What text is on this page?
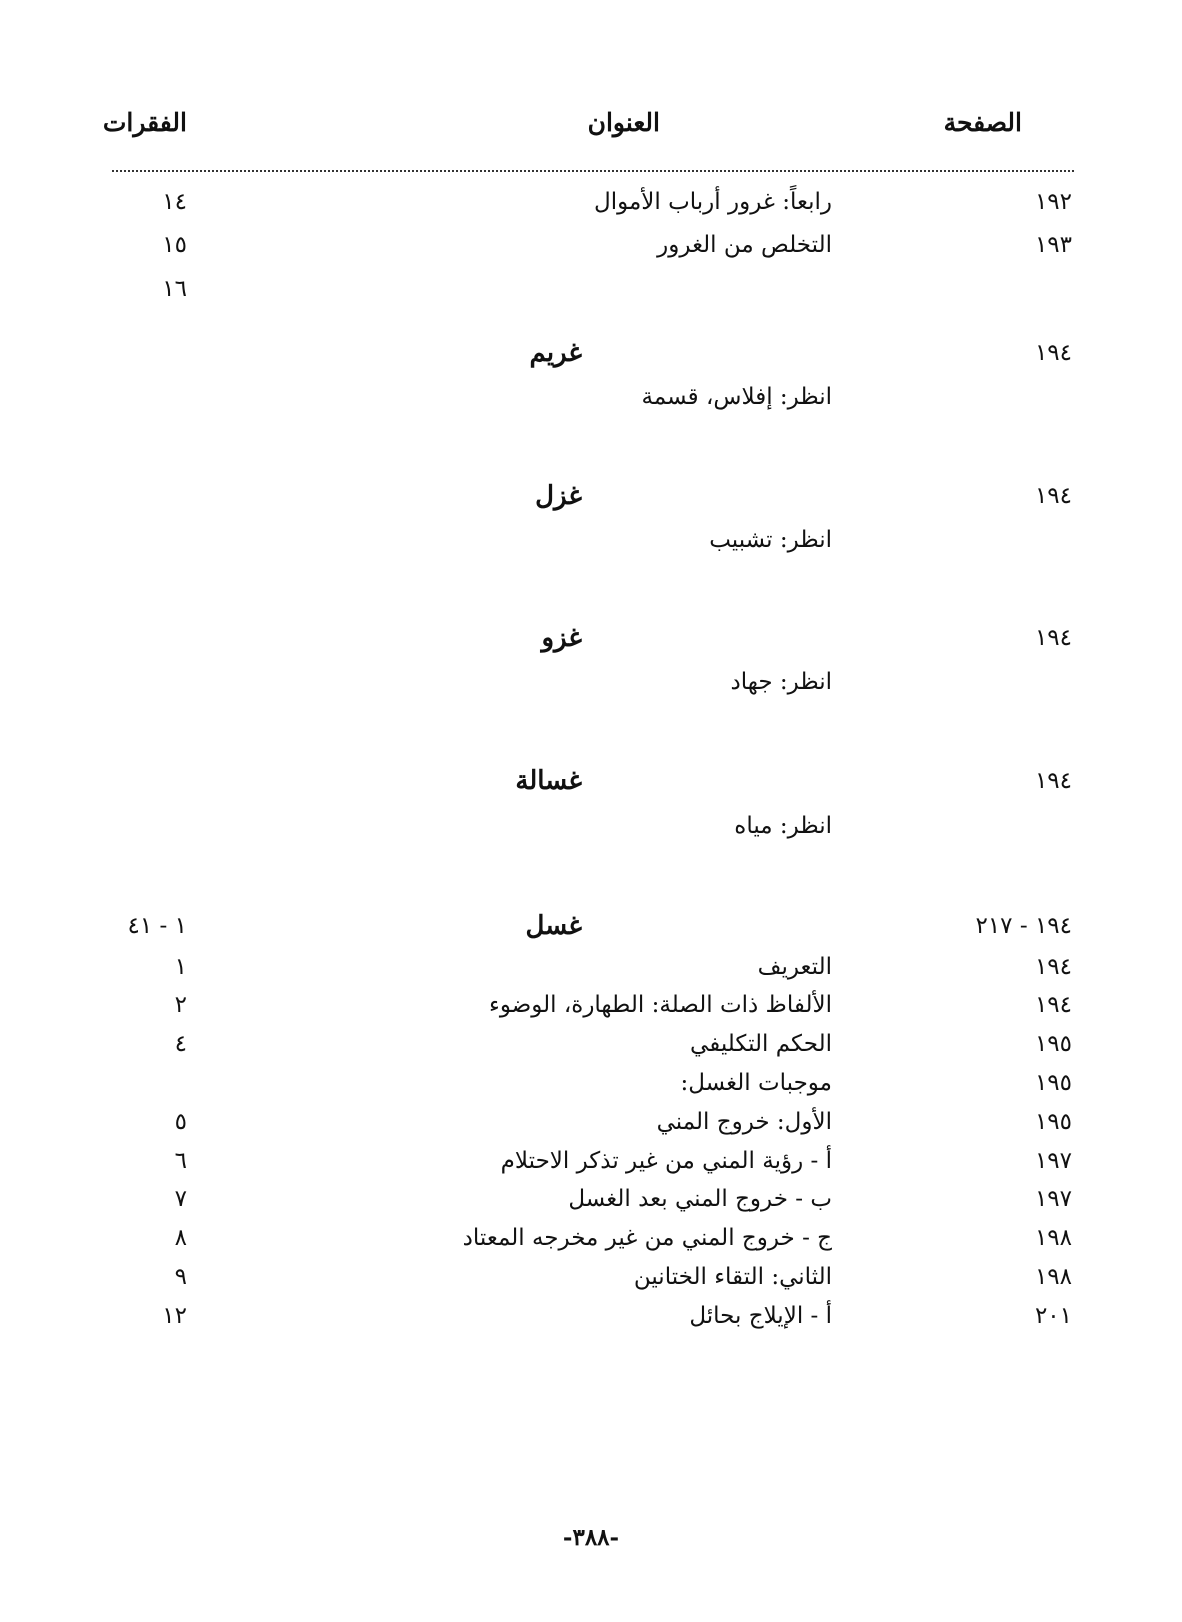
الصفحة
العنوان
الفقرات
١٩٢
رابعاً: غرور أرباب الأموال
١٤
١٩٣
التخلص من الغرور
١٥
١٦
١٩٤
غريم
انظر: إفلاس، قسمة
١٩٤
غزل
انظر: تشبيب
١٩٤
غزو
انظر: جهاد
١٩٤
غسالة
انظر: مياه
١٩٤ - ٢١٧
غسل
١ - ٤١
١٩٤
التعريف
١
١٩٤
الألفاظ ذات الصلة: الطهارة، الوضوء
٢
١٩٥
الحكم التكليفي
٤
١٩٥
موجبات الغسل:
١٩٥
الأول: خروج المني
٥
١٩٧
أ - رؤية المني من غير تذكر الاحتلام
٦
١٩٧
ب - خروج المني بعد الغسل
٧
١٩٨
ج - خروج المني من غير مخرجه المعتاد
٨
١٩٨
الثاني: التقاء الختانين
٩
٢٠١
أ - الإيلاج بحائل
١٢
-٣٨٨-
